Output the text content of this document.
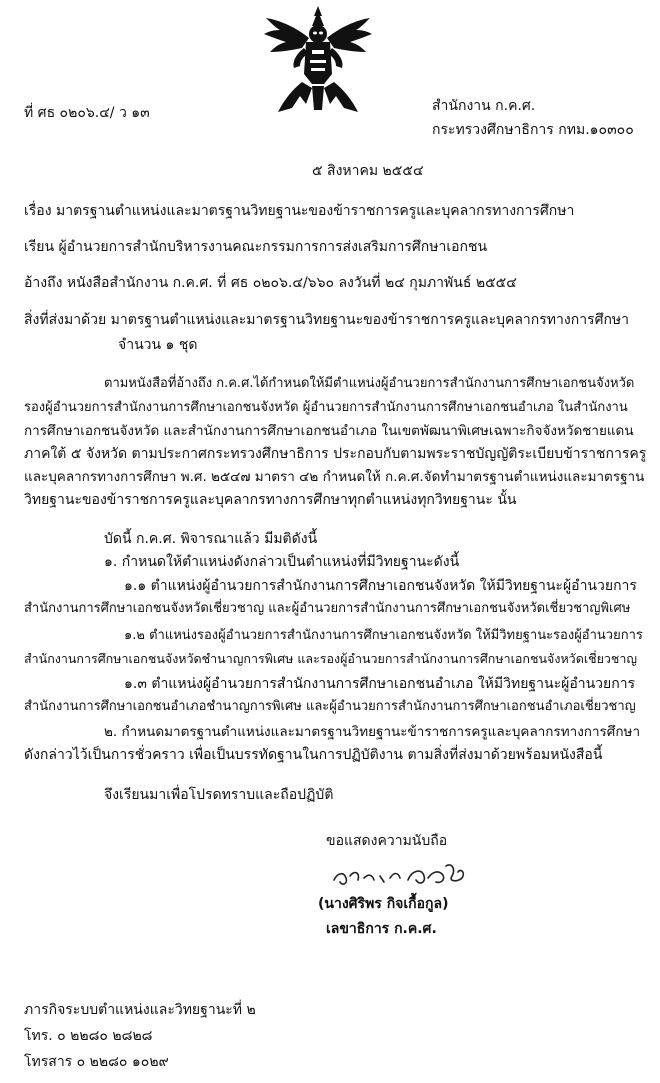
ที่ ศธ ๐๒๐๖.๔/ ว ๑๓	สำนักงาน ก.ค.ศ.
กระทรวงศึกษาธิการ กทม.๑๐๓๐๐
๕ สิงหาคม ๒๕๕๔
เรื่อง มาตรฐานตำแหน่งและมาตรฐานวิทยฐานะของข้าราชการครูและบุคลากรทางการศึกษา
เรียน ผู้อำนวยการสำนักบริหารงานคณะกรรมการการส่งเสริมการศึกษาเอกชน
อ้างถึง หนังสือสำนักงาน ก.ค.ศ. ที่ ศธ ๐๒๐๖.๔/๖๖๐ ลงวันที่ ๒๔ กุมภาพันธ์ ๒๕๕๔
สิ่งที่ส่งมาด้วย มาตรฐานตำแหน่งและมาตรฐานวิทยฐานะของข้าราชการครูและบุคลากรทางการศึกษา
จำนวน ๑ ชุด
ตามหนังสือที่อ้างถึง ก.ค.ศ.ได้กำหนดให้มีตำแหน่งผู้อำนวยการสำนักงานการศึกษาเอกชนจังหวัด
รองผู้อำนวยการสำนักงานการศึกษาเอกชนจังหวัด ผู้อำนวยการสำนักงานการศึกษาเอกชนอำเภอ ในสำนักงาน
การศึกษาเอกชนจังหวัด และสำนักงานการศึกษาเอกชนอำเภอ ในเขตพัฒนาพิเศษเฉพาะกิจจังหวัดชายแดน
ภาคใต้ ๕ จังหวัด ตามประกาศกระทรวงศึกษาธิการ ประกอบกับตามพระราชบัญญัติระเบียบข้าราชการครู
และบุคลากรทางการศึกษา พ.ศ. ๒๕๔๗ มาตรา ๔๒ กำหนดให้ ก.ค.ศ.จัดทำมาตรฐานตำแหน่งและมาตรฐาน
วิทยฐานะของข้าราชการครูและบุคลากรทางการศึกษาทุกตำแหน่งทุกวิทยฐานะ นั้น
บัดนี้ ก.ค.ศ. พิจารณาแล้ว มีมติดังนี้
๑. กำหนดให้ตำแหน่งดังกล่าวเป็นตำแหน่งที่มีวิทยฐานะดังนี้
๑.๑ ตำแหน่งผู้อำนวยการสำนักงานการศึกษาเอกชนจังหวัด ให้มีวิทยฐานะผู้อำนวยการ
สำนักงานการศึกษาเอกชนจังหวัดเชี่ยวชาญ และผู้อำนวยการสำนักงานการศึกษาเอกชนจังหวัดเชี่ยวชาญพิเศษ
๑.๒ ตำแหน่งรองผู้อำนวยการสำนักงานการศึกษาเอกชนจังหวัด ให้มีวิทยฐานะรองผู้อำนวยการ
สำนักงานการศึกษาเอกชนจังหวัดชำนาญการพิเศษ และรองผู้อำนวยการสำนักงานการศึกษาเอกชนจังหวัดเชี่ยวชาญ
๑.๓ ตำแหน่งผู้อำนวยการสำนักงานการศึกษาเอกชนอำเภอ ให้มีวิทยฐานะผู้อำนวยการ
สำนักงานการศึกษาเอกชนอำเภอชำนาญการพิเศษ และผู้อำนวยการสำนักงานการศึกษาเอกชนอำเภอเชี่ยวชาญ
๒. กำหนดมาตรฐานตำแหน่งและมาตรฐานวิทยฐานะข้าราชการครูและบุคลากรทางการศึกษา
ดังกล่าวไว้เป็นการชั่วคราว เพื่อเป็นบรรทัดฐานในการปฏิบัติงาน ตามสิ่งที่ส่งมาด้วยพร้อมหนังสือนี้
จึงเรียนมาเพื่อโปรดทราบและถือปฏิบัติ
ขอแสดงความนับถือ
(นางศิริพร กิจเกื้อกูล)
เลขาธิการ ก.ค.ศ.
ภารกิจระบบตำแหน่งและวิทยฐานะที่ ๒
โทร. ๐ ๒๒๘๐ ๒๘๒๘
โทรสาร ๐ ๒๒๘๐ ๑๐๒๙
